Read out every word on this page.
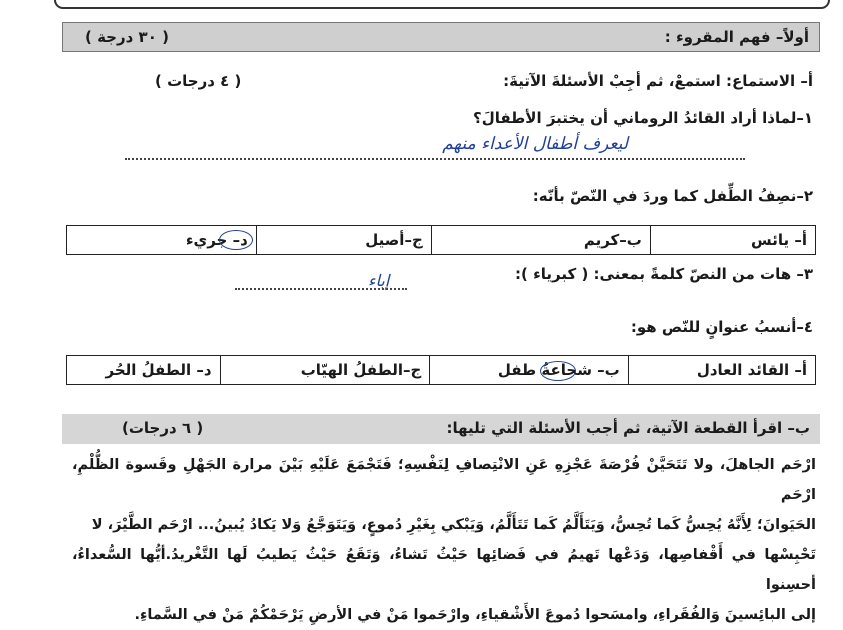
أولاً– فهم المقروء :
( ٣٠ درجة )
أ– الاستماع: استمعْ، ثم أجِبْ الأسئلةَ الآتيةَ:
( ٤ درجات )
١–لماذا أراد القائدُ الروماني أن يختبرَ الأطفالَ؟
ليعرف أطفال الأعداء منهم
٢–نصِفُ الطِّفل كما وردَ في النّصّ بأنّه:
أ– يائس	ب–كريم	ج–أصيل	د– جريء
٣– هات من النصّ كلمةً بمعنى: ( كبرياء ):
إباء
٤–أنسبُ عنوانٍ للنّص هو:
أ– القائد العادل	ب– شجاعةُ طفل	ج–الطفلُ الهيّاب	د– الطفلُ الحُر
ب– اقرأ القطعة الآتية، ثم أجب الأسئلة التي تليها:
( ٦ درجات)

ارْحَم الجاهلَ، ولا تَتَحَيَّنْ فُرْصَةَ عَجْزِهِ عَنِ الانْتِصافِ لِنَفْسِهِ؛ فَتَجْمَعَ عَلَيْهِ بَيْنَ مرارة الجَهْلِ وقَسوة الظُّلْمِ، ارْحَم

الحَيَوانَ؛ لِأَنَّهُ يُحِسُّ كَما تُحِسُّ، وَيَتَأَلَّمُ كَما تَتَأَلَّمُ، وَيَبْكي بِغَيْرِ دُموعٍ، وَيَتَوَجَّعُ وَلا يَكادُ يُبينُ... ارْحَم الطَّيْرَ، لا

تَحْبِسْها في أَقْفاصِها، وَدَعْها تَهيمُ في فَضائِها حَيْثُ تَشاءُ، وَتَقَعُ حَيْثُ يَطيبُ لَها التَّغْريدُ.أيُّها السُّعداءُ، أحسِنوا

إلى البائِسينَ وَالفُقَراءِ، وامسَحوا دُموعَ الأَشْقياءِ، وارْحَموا مَنْ في الأرضِ يَرْحَمْكُمْ مَنْ في السَّماءِ.
